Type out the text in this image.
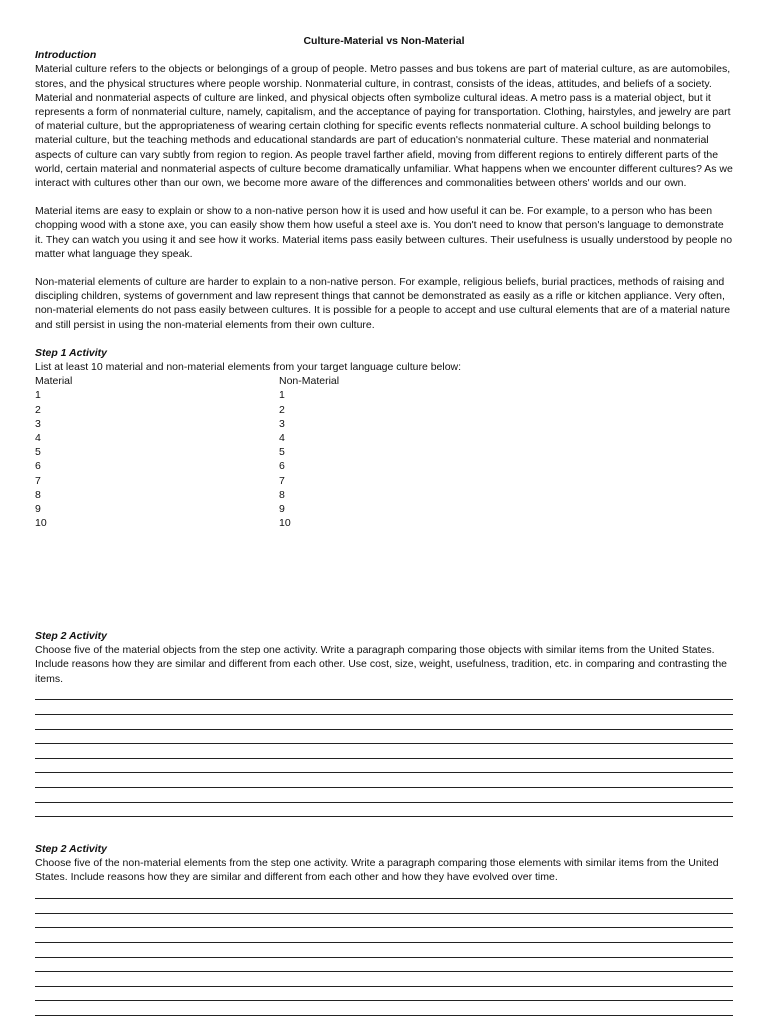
Culture-Material vs Non-Material

Introduction

Material culture refers to the objects or belongings of a group of people. Metro passes and bus tokens are part of material culture, as are automobiles, stores, and the physical structures where people worship. Nonmaterial culture, in contrast, consists of the ideas, attitudes, and beliefs of a society. Material and nonmaterial aspects of culture are linked, and physical objects often symbolize cultural ideas. A metro pass is a material object, but it represents a form of nonmaterial culture, namely, capitalism, and the acceptance of paying for transportation. Clothing, hairstyles, and jewelry are part of material culture, but the appropriateness of wearing certain clothing for specific events reflects nonmaterial culture. A school building belongs to material culture, but the teaching methods and educational standards are part of education's nonmaterial culture. These material and nonmaterial aspects of culture can vary subtly from region to region. As people travel farther afield, moving from different regions to entirely different parts of the world, certain material and nonmaterial aspects of culture become dramatically unfamiliar. What happens when we encounter different cultures? As we interact with cultures other than our own, we become more aware of the differences and commonalities between others' worlds and our own.

Material items are easy to explain or show to a non-native person how it is used and how useful it can be. For example, to a person who has been chopping wood with a stone axe, you can easily show them how useful a steel axe is. You don't need to know that person's language to demonstrate it. They can watch you using it and see how it works. Material items pass easily between cultures. Their usefulness is usually understood by people no matter what language they speak.

Non-material elements of culture are harder to explain to a non-native person. For example, religious beliefs, burial practices, methods of raising and discipling children, systems of government and law represent things that cannot be demonstrated as easily as a rifle or kitchen appliance. Very often, non-material elements do not pass easily between cultures. It is possible for a people to accept and use cultural elements that are of a material nature and still persist in using the non-material elements from their own culture.

Step 1 Activity

List at least 10 material and non-material elements from your target language culture below:

Material	Non-Material
1	1
2	2
3	3
4	4
5	5
6	6
7	7
8	8
9	9
10	10

Step 2 Activity

Choose five of the material objects from the step one activity. Write a paragraph comparing those objects with similar items from the United States. Include reasons how they are similar and different from each other. Use cost, size, weight, usefulness, tradition, etc. in comparing and contrasting the items.

Step 2 Activity

Choose five of the non-material elements from the step one activity. Write a paragraph comparing those elements with similar items from the United States. Include reasons how they are similar and different from each other and how they have evolved over time.
